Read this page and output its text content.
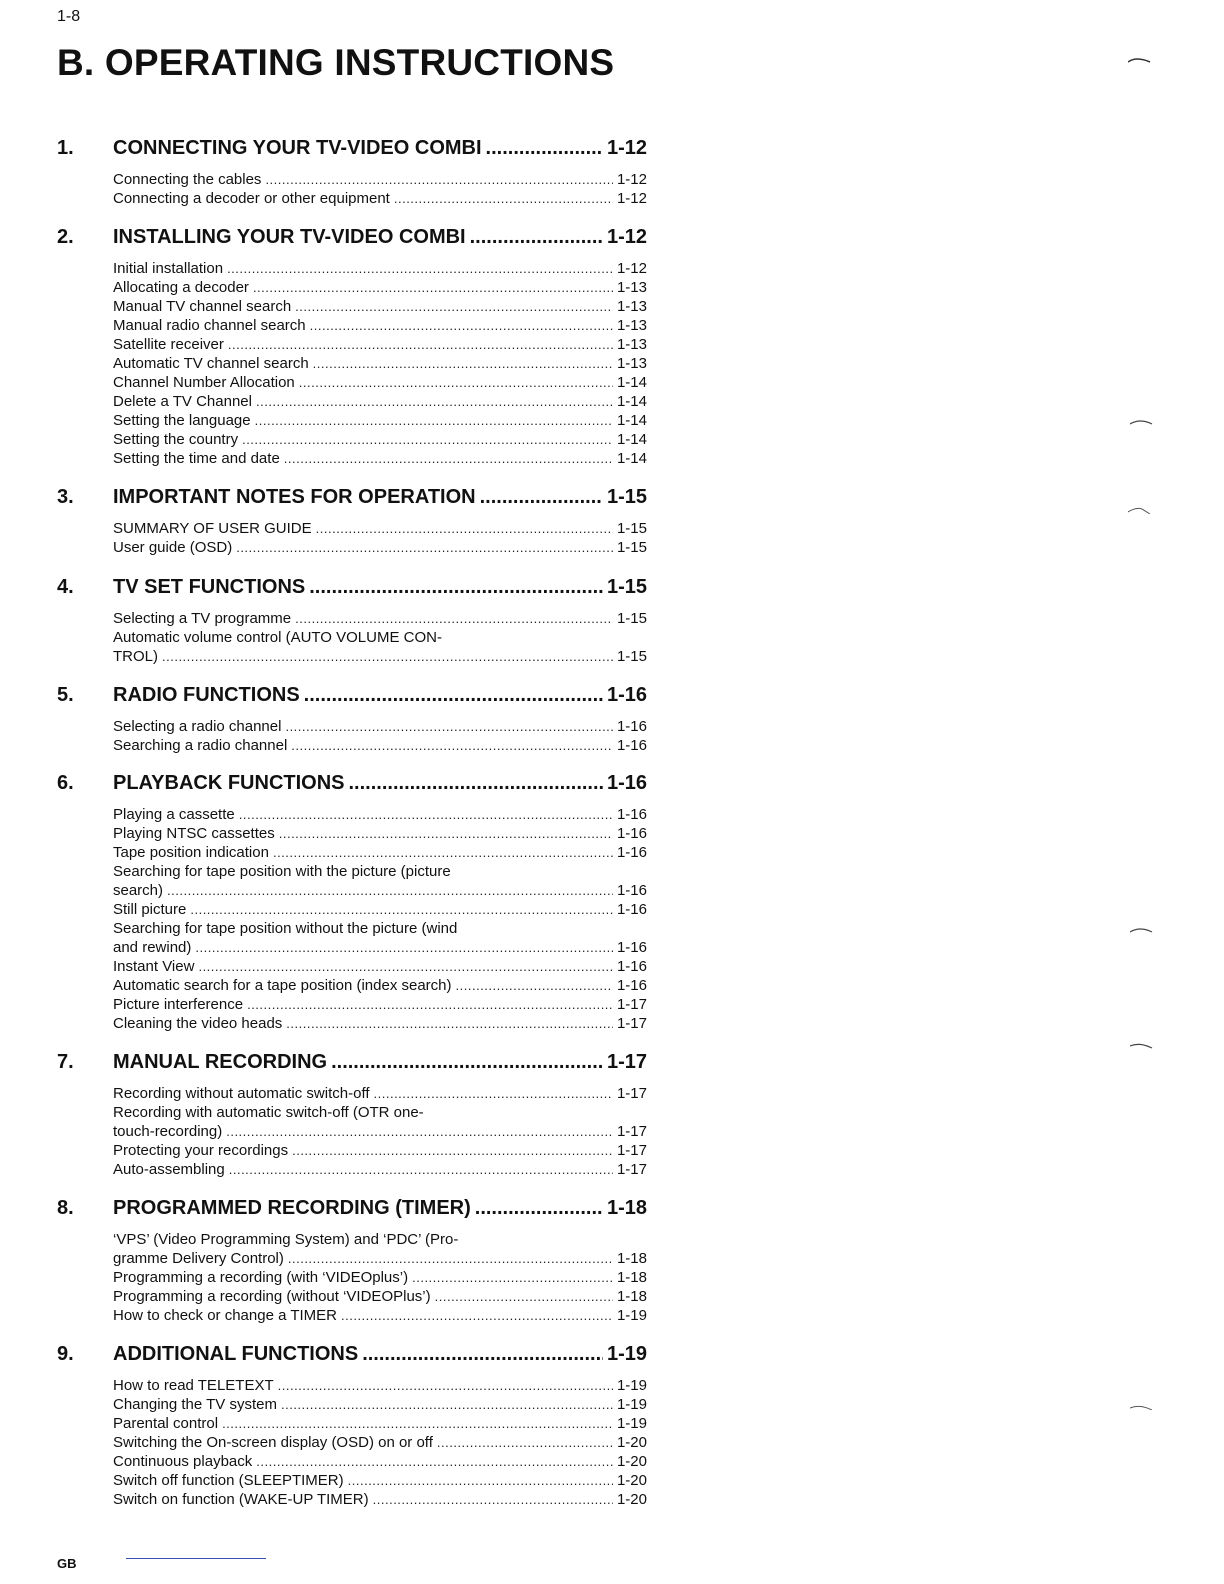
1-8
B. OPERATING INSTRUCTIONS
1.	CONNECTING YOUR TV-VIDEO COMBI .....	1-12
Connecting the cables .....	1-12
Connecting a decoder or other equipment .....	1-12
2.	INSTALLING YOUR TV-VIDEO COMBI .....	1-12
Initial installation .....	1-12
Allocating a decoder .....	1-13
Manual TV channel search .....	1-13
Manual radio channel search .....	1-13
Satellite receiver .....	1-13
Automatic TV channel search .....	1-13
Channel Number Allocation .....	1-14
Delete a TV Channel .....	1-14
Setting the language .....	1-14
Setting the country .....	1-14
Setting the time and date .....	1-14
3.	IMPORTANT NOTES FOR OPERATION .....	1-15
SUMMARY OF USER GUIDE .....	1-15
User guide (OSD) .....	1-15
4.	TV SET FUNCTIONS .....	1-15
Selecting a TV programme .....	1-15
Automatic volume control (AUTO VOLUME CON-
TROL) .....	1-15
5.	RADIO FUNCTIONS .....	1-16
Selecting a radio channel .....	1-16
Searching a radio channel .....	1-16
6.	PLAYBACK FUNCTIONS .....	1-16
Playing a cassette .....	1-16
Playing NTSC cassettes .....	1-16
Tape position indication .....	1-16
Searching for tape position with the picture (picture
search) .....	1-16
Still picture .....	1-16
Searching for tape position without the picture (wind
and rewind) .....	1-16
Instant View .....	1-16
Automatic search for a tape position (index search) .....	1-16
Picture interference .....	1-17
Cleaning the video heads .....	1-17
7.	MANUAL RECORDING .....	1-17
Recording without automatic switch-off .....	1-17
Recording with automatic switch-off (OTR one-
touch-recording) .....	1-17
Protecting your recordings .....	1-17
Auto-assembling .....	1-17
8.	PROGRAMMED RECORDING (TIMER) .....	1-18
‘VPS’ (Video Programming System) and ‘PDC’ (Pro-
gramme Delivery Control) .....	1-18
Programming a recording (with ‘VIDEOplus’) .....	1-18
Programming a recording (without ‘VIDEOPlus’) .....	1-18
How to check or change a TIMER .....	1-19
9.	ADDITIONAL FUNCTIONS .....	1-19
How to read TELETEXT .....	1-19
Changing the TV system .....	1-19
Parental control .....	1-19
Switching the On-screen display (OSD) on or off .....	1-20
Continuous playback .....	1-20
Switch off function (SLEEPTIMER) .....	1-20
Switch on function (WAKE-UP TIMER) .....	1-20
GB
